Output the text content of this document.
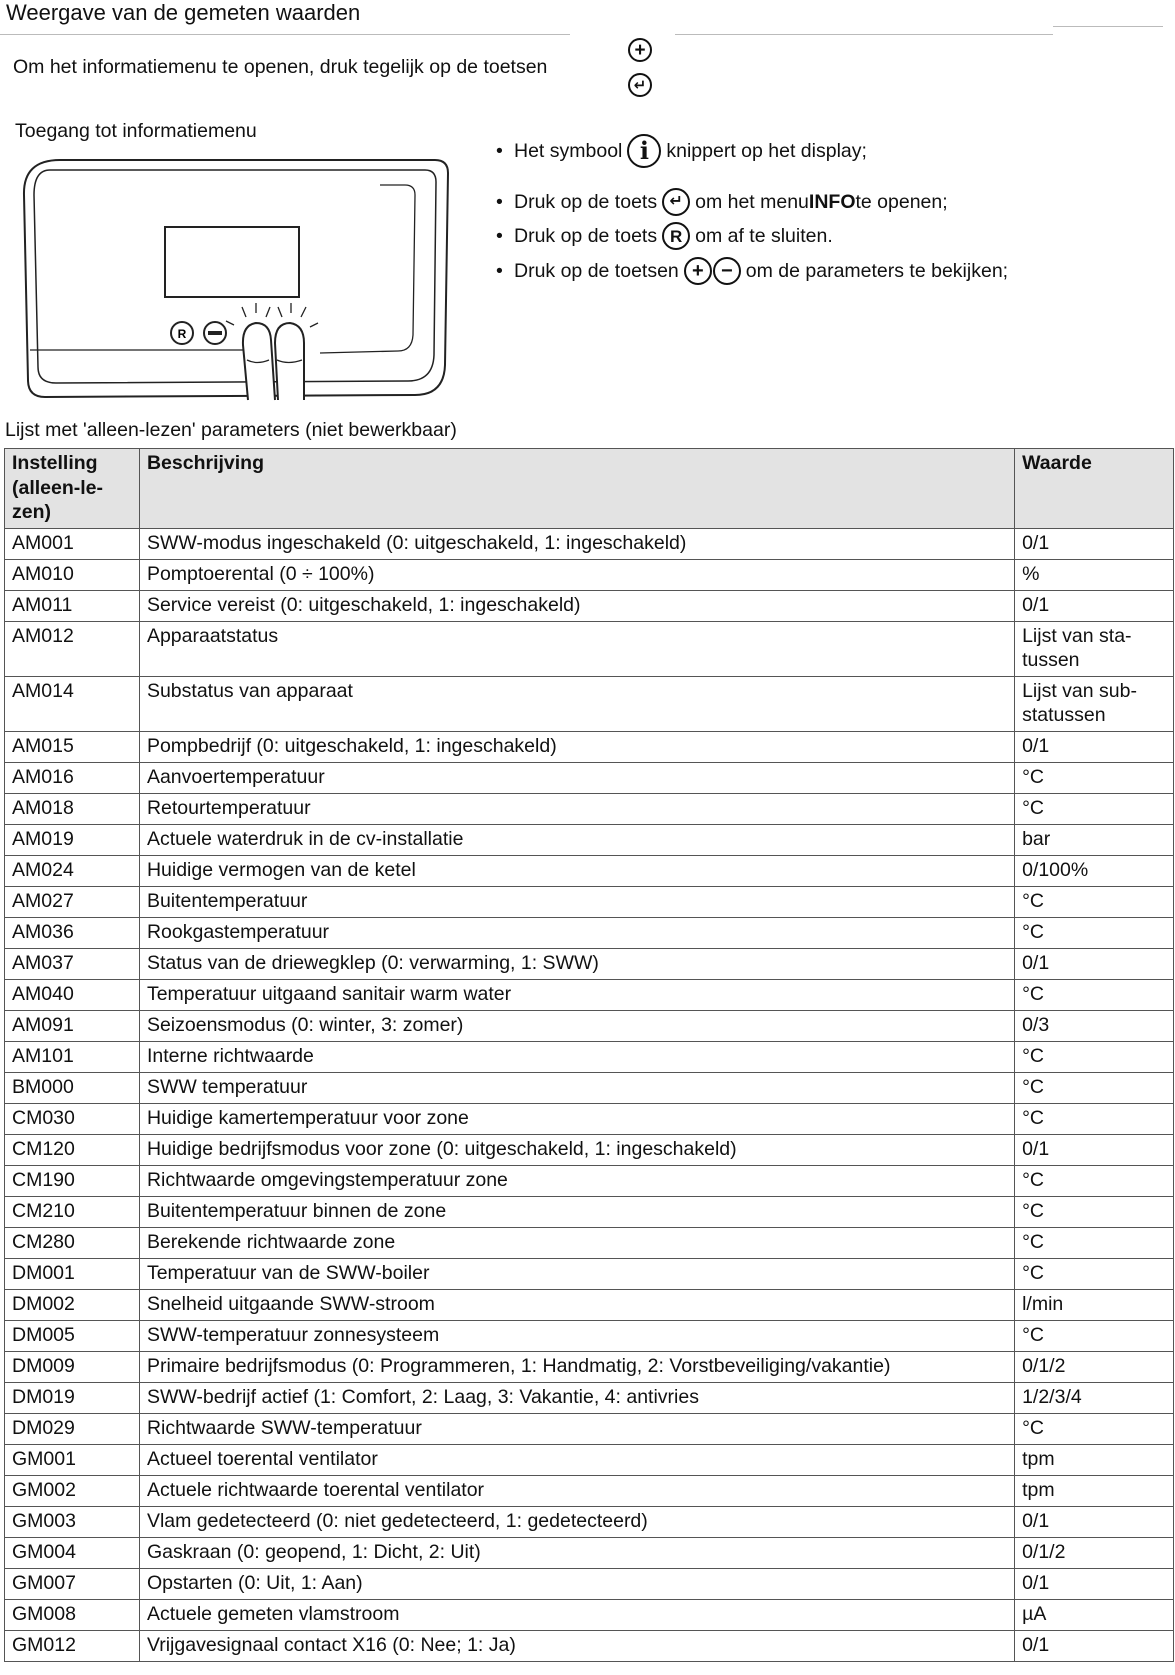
Weergave van de gemeten waarden
Om het informatiemenu te openen, druk tegelijk op de toetsen
+
↵
Toegang tot informatiemenu
R
• Het symbool i knippert op het display;
• Druk op de toets ↵ om het menu INFO te openen;
• Druk op de toets R om af te sluiten.
• Druk op de toetsen + − om de parameters te bekijken;
Lijst met 'alleen-lezen' parameters (niet bewerkbaar)
Instelling (alleen-le-zen)	Beschrijving	Waarde
AM001	SWW-modus ingeschakeld (0: uitgeschakeld, 1: ingeschakeld)	0/1
AM010	Pomptoerental (0 ÷ 100%)	%
AM011	Service vereist (0: uitgeschakeld, 1: ingeschakeld)	0/1
AM012	Apparaatstatus	Lijst van sta-tussen
AM014	Substatus van apparaat	Lijst van sub-statussen
AM015	Pompbedrijf (0: uitgeschakeld, 1: ingeschakeld)	0/1
AM016	Aanvoertemperatuur	°C
AM018	Retourtemperatuur	°C
AM019	Actuele waterdruk in de cv-installatie	bar
AM024	Huidige vermogen van de ketel	0/100%
AM027	Buitentemperatuur	°C
AM036	Rookgastemperatuur	°C
AM037	Status van de driewegklep (0: verwarming, 1: SWW)	0/1
AM040	Temperatuur uitgaand sanitair warm water	°C
AM091	Seizoensmodus (0: winter, 3: zomer)	0/3
AM101	Interne richtwaarde	°C
BM000	SWW temperatuur	°C
CM030	Huidige kamertemperatuur voor zone	°C
CM120	Huidige bedrijfsmodus voor zone (0: uitgeschakeld, 1: ingeschakeld)	0/1
CM190	Richtwaarde omgevingstemperatuur zone	°C
CM210	Buitentemperatuur binnen de zone	°C
CM280	Berekende richtwaarde zone	°C
DM001	Temperatuur van de SWW-boiler	°C
DM002	Snelheid uitgaande SWW-stroom	l/min
DM005	SWW-temperatuur zonnesysteem	°C
DM009	Primaire bedrijfsmodus (0: Programmeren, 1: Handmatig, 2: Vorstbeveiliging/vakantie)	0/1/2
DM019	SWW-bedrijf actief (1: Comfort, 2: Laag, 3: Vakantie, 4: antivries	1/2/3/4
DM029	Richtwaarde SWW-temperatuur	°C
GM001	Actueel toerental ventilator	tpm
GM002	Actuele richtwaarde toerental ventilator	tpm
GM003	Vlam gedetecteerd (0: niet gedetecteerd, 1: gedetecteerd)	0/1
GM004	Gaskraan (0: geopend, 1: Dicht, 2: Uit)	0/1/2
GM007	Opstarten (0: Uit, 1: Aan)	0/1
GM008	Actuele gemeten vlamstroom	µA
GM012	Vrijgavesignaal contact X16 (0: Nee; 1: Ja)	0/1
